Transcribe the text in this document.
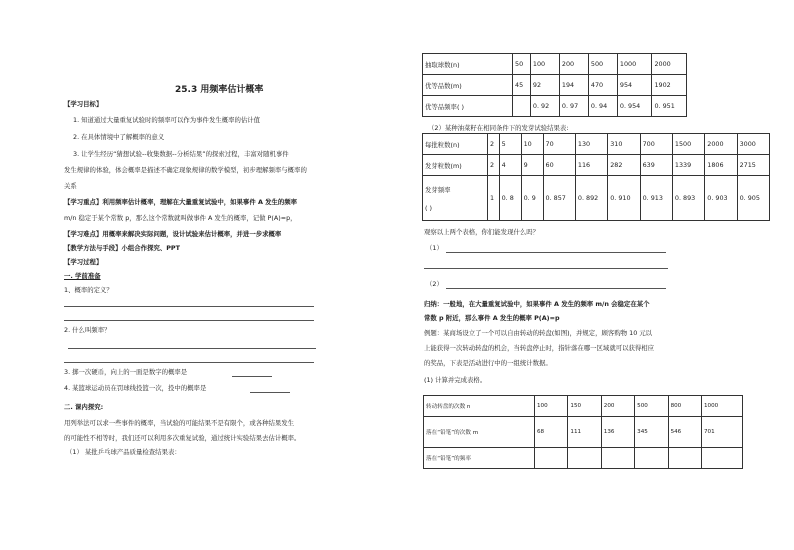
25.3 用频率估计概率
【学习目标】
1. 知道通过大量重复试验时的频率可以作为事件发生概率的估计值
2. 在具体情境中了解概率的意义
3. 让学生经历“猜想试验--收集数据--分析结果”的探索过程，丰富对随机事件
发生规律的体验，体会概率是描述不确定现象规律的数学模型，初步理解频率与概率的
关系
【学习重点】利用频率估计概率，理解在大量重复试验中，如果事件 A 发生的频率
m/n 稳定于某个常数 p，那么这个常数就叫做事件 A 发生的概率，记做 P(A)=p，
【学习难点】用概率来解决实际问题，设计试验来估计概率，并进一步求概率
【教学方法与手段】小组合作探究、PPT
【学习过程】
一. 学前准备
1、概率的定义？
2. 什么叫频率？
3. 掷一次硬币，向上的一面是数字的概率是
4. 某篮球运动员在罚球线投篮一次，投中的概率是
二. 课内探究:
用列举法可以求一些事件的概率，当试验的可能结果不是有限个，或各种结果发生
的可能性不相等时，我们还可以利用多次重复试验，通过统计实验结果去估计概率。
（1） 某批乒乓球产品质量检查结果表：
抽取球数(n)	50	100	200	500	1000	2000
优等品数(m)	45	92	194	470	954	1902
优等品频率( )		0. 92	0. 97	0. 94	0. 954	0. 951
（2）某种油菜籽在相同条件下的发芽试验结果表:
每批粒数(n)	2	5	10	70	130	310	700	1500	2000	3000
发芽粒数(m)	2	4	9	60	116	282	639	1339	1806	2715

发芽频率
( )	1	0. 8	0. 9	0. 857	0. 892	0. 910	0. 913	0. 893	0. 903	0. 905
观察以上两个表格，你们能发现什么吗？
（1）
（2）
归纳：一般地，在大量重复试验中，如果事件 A 发生的频率 m/n 会稳定在某个
常数 p 附近，那么事件 A 发生的概率 P(A)=p
例题：某商场设立了一个可以自由转动的转盘(如图)，并规定，顾客购物 10 元以
上能获得一次转动转盘的机会，当转盘停止时，指针落在哪一区域就可以获得相应
的奖品，下表是活动进行中的一组统计数据。
(1) 计算并完成表格。
转动转盘的次数 n	100	150	200	500	800	1000
落在“铅笔”的次数 m	68	111	136	345	546	701
落在“铅笔”的频率						
